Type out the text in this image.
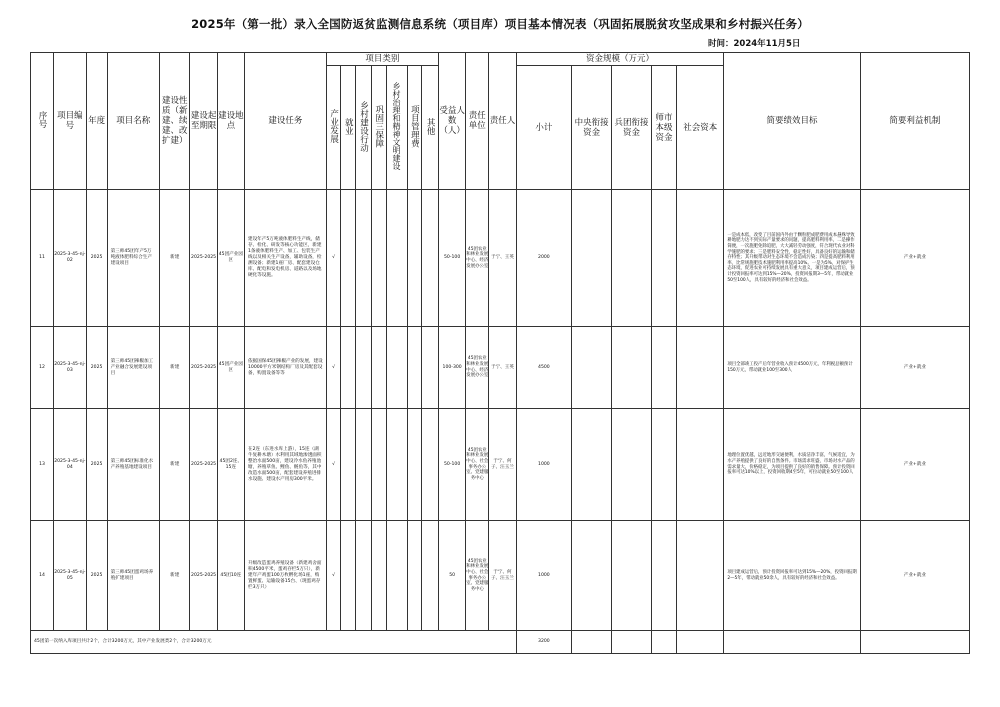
2025年（第一批）录入全国防返贫监测信息系统（项目库）项目基本情况表（巩固拓展脱贫攻坚成果和乡村振兴任务）
时间：2024年11月5日
序号	项目编号	年度	项目名称	建设性质（新建、续建、改扩建）	建设起至期限	建设地点	建设任务	项目类别							受益人数（人）	责任单位	责任人	资金规模（万元）					简要绩效目标	简要利益机制
								产业发展	就业	乡村建设行动	巩固三保障	乡村治理和精神文明建设	项目管理费	其他				小计	中央衔接资金	兵团衔接资金	师市本级资金	社会资本		
11	2025-3-45-nj-02	2025	第三师45团年产5万吨液体肥料综合生产建设项目	新建	2025-2025	45团产业园区	建设年产5万吨液体肥料生产线，储存、检化、研发等核心功能区，新建1条液体肥料生产、加工、包装生产线以及相关生产设备，辅助设备，检测设备；新建1座厂房、配套建设仓库、配电和发电机房、道路以及场地硬化等设施。	√							50-100	45团农业和林业发展中心、经济发展办公室	于宁、王英	2000					一是成本低，改变了目前国内外由于颗粒肥成肥费用成本悬殊导致耕地肥力达不到实际产量要求的问题，提高肥料利用率，二是操作简便，一次施肥免除追肥，大大减轻劳动强度，符合现代农业对科学施肥的要求；三是肥料安全性，稳定性好，具备良好的运输和储存特性；其升级带动对生态环境不会造成污染；四是提高肥料利用率，比常规施肥技术施肥利用率提高10%。一是为5%，对保护生态环境，促进农业可持续发展具有重大意义，项目建成运营后，预计投资回报率可达到15%—20%，投资回报期3—5年，带动就业50至100人，具有较好的经济和社会效益。	产业+就业
12	2025-3-45-nj-03	2025	第三师45团辣椒加工产业融合发展建设项目	新建	2025-2025	45团产业园区	依据国保45团辣椒产业的发展，建设10000平方米钢结构厂房及其配套设备，购置设备等等	√							100-300	45团农业和林业发展中心、经济发展办公室	于宁、王英	4500					项目全部竣工投产后年营业收入预计4500万元，年利税总额预计150万元，带动就业100至300人	产业+就业
13	2025-3-45-nj-04	2025	第三师45团标准化水产养殖基地建设项目	新建	2025-2025	45团2连、15连	在2连（东进水库上游），15连（湖牛复耕木塘）水利用其域地渗透面积整治水面500亩，建设冷水鱼养殖池塘，养殖草鱼、鲤鱼、鲢鱼等，其中改造水面500亩，配套建设养殖进排水设施、建设水产用房300平米。	√							50-100	45团农业和林业发展中心、社会事务办公室、党建服务中心	于宁、何子、汪玉兰	1000					地理位置优越，远近地形交通便利，水质洁净丰富，气候适宜，为水产养殖提供了良好的自然条件。市场需求旺盛，市场对水产品的需求量大，价格稳定，为项目提供了良好的销售保障。预计投资回报率可达10%以上，投资回收期4至5年，可拉动就业50至100人	产业+就业
14	2025-3-45-nj-05	2025	第三师45团蛋鸡场养殖扩建项目	新建	2025-2025	45团10连	升级改造蛋鸡养殖设备（新建鸡舍面积4500平米，蛋鸡存栏5万只），新建年产鸡蛋100万枚孵化场1座，购置鲜蛋、运输设备15台、（现蛋鸡存栏3万只）	√							50	45团农业和林业发展中心、社会事务办公室、党建服务中心	于宁、何子、汪玉兰	1000					项目建成运营后，预计投资回报率可达到15%—20%，投资回报期2—5年，带动就业50余人，具有较好的经济和社会效益。	产业+就业
45团第一次纳入库项目共计2个，合计3200万元，其中产业发展类2个，合计3200万元																		3200						
